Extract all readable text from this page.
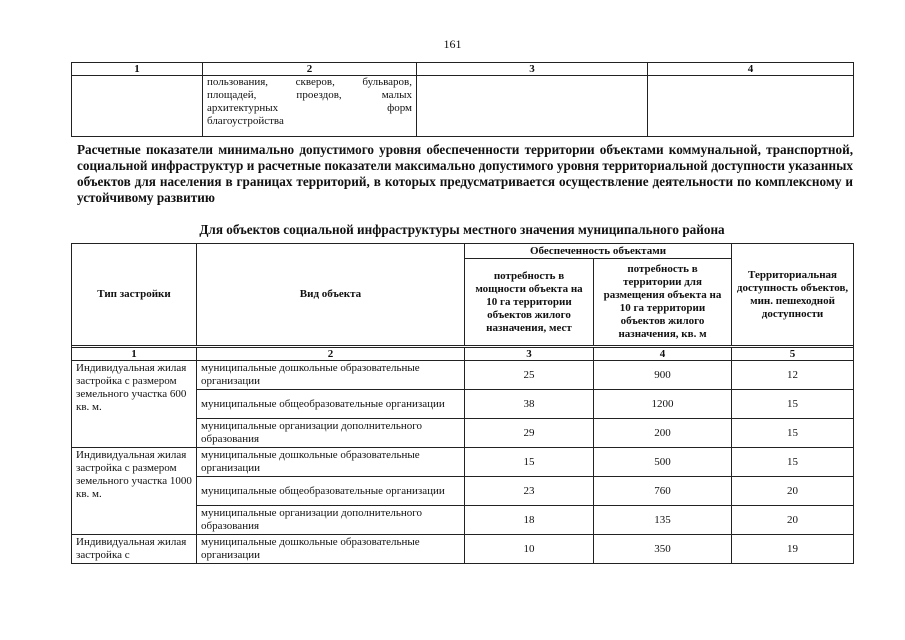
161
1	2	3	4

	пользования, скверов, бульваров,
площадей, проездов, малых
архитектурных форм
благоустройства		

Расчетные показатели минимально допустимого уровня обеспеченности территории объектами коммунальной, транспортной, социальной инфраструктур и расчетные показатели максимально допустимого уровня территориальной доступности указанных объектов для населения в границах территорий, в которых предусматривается осуществление деятельности по комплексному и устойчивому развитию
Для объектов социальной инфраструктуры местного значения муниципального района
Тип застройки	Вид объекта	Обеспеченность объектами		Территориальная доступность объектов, мин. пешеходной доступности
		потребность в мощности объекта на 10 га территории объектов жилого назначения, мест	потребность в территории для размещения объекта на 10 га территории объектов жилого назначения, кв. м	

1	2	3	4	5
Индивидуальная жилая застройка с размером земельного участка 600 кв. м.	муниципальные дошкольные образовательные организации	25	900	12
	муниципальные общеобразовательные организации	38	1200	15
	муниципальные организации дополнительного образования	29	200	15
Индивидуальная жилая застройка с размером земельного участка 1000 кв. м.	муниципальные дошкольные образовательные организации	15	500	15
	муниципальные общеобразовательные организации	23	760	20
	муниципальные организации дополнительного образования	18	135	20
Индивидуальная жилая застройка с	муниципальные дошкольные образовательные организации	10	350	19
